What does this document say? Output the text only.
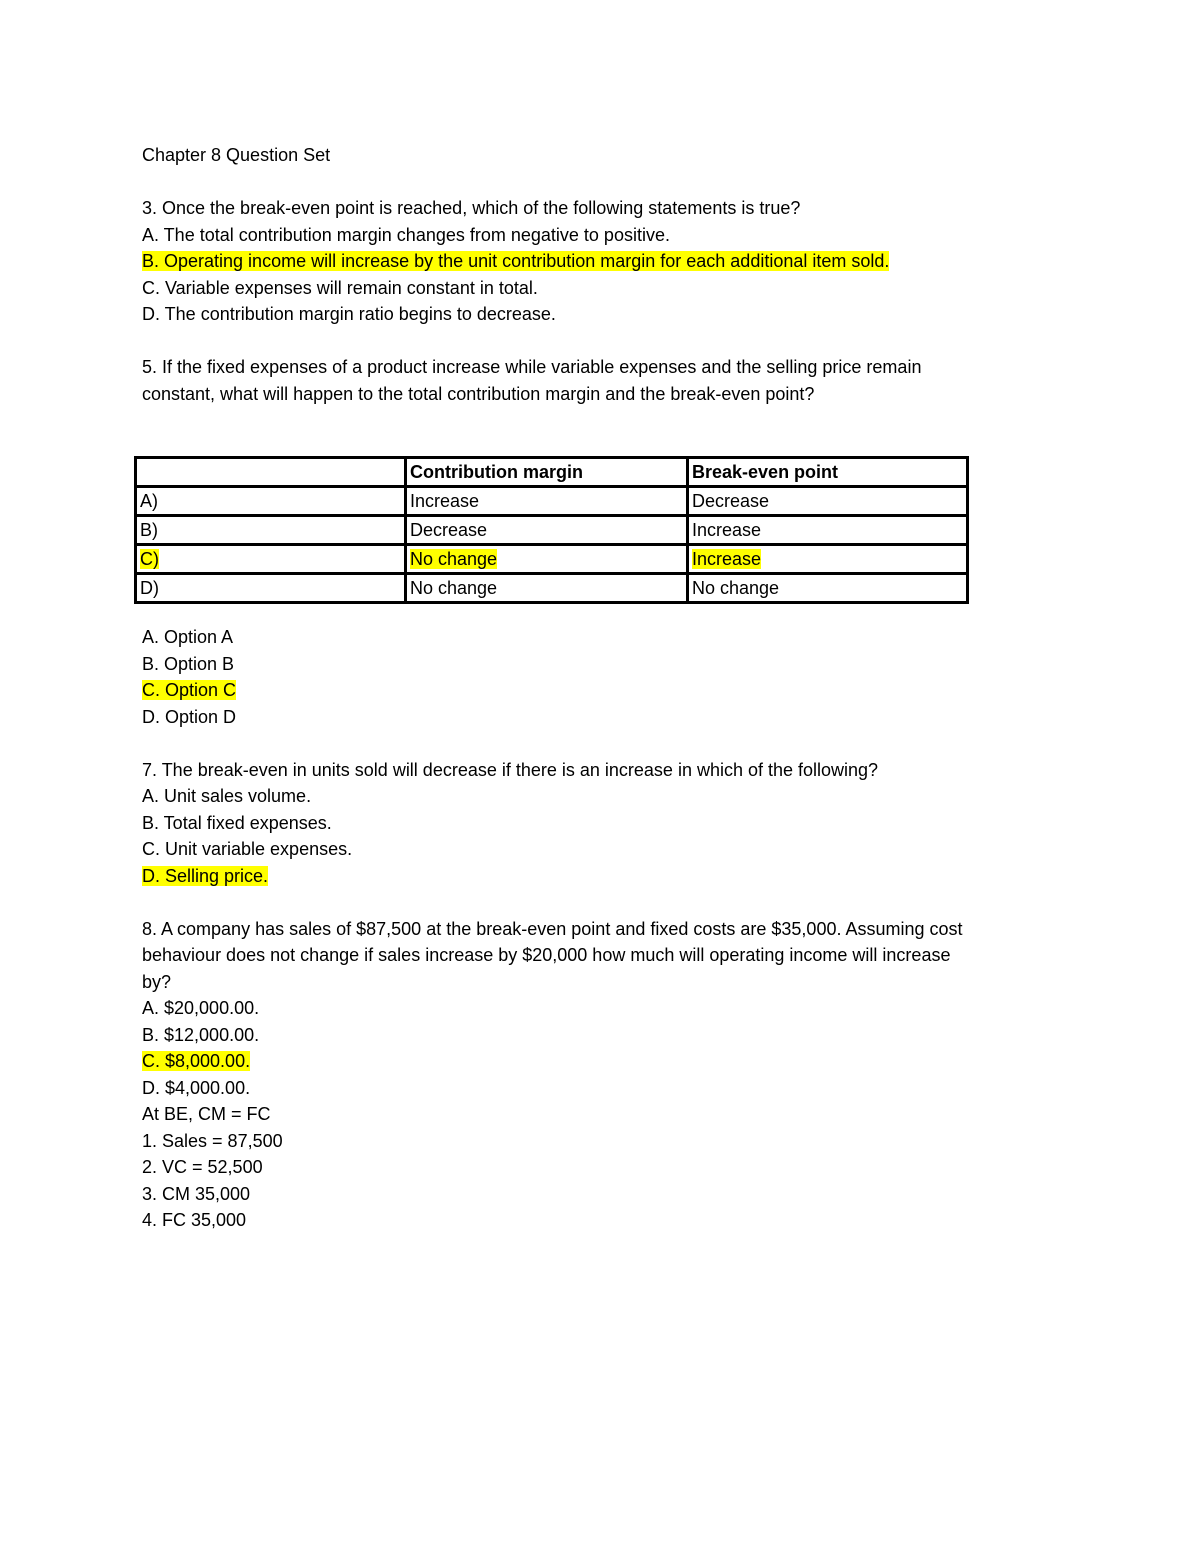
Chapter 8 Question Set
3. Once the break-even point is reached, which of the following statements is true?
A. The total contribution margin changes from negative to positive.
B. Operating income will increase by the unit contribution margin for each additional item sold.
C. Variable expenses will remain constant in total.
D. The contribution margin ratio begins to decrease.
5. If the fixed expenses of a product increase while variable expenses and the selling price remain
constant, what will happen to the total contribution margin and the break-even point?
	Contribution margin	Break-even point
A)	Increase	Decrease
B)	Decrease	Increase
C)	No change	Increase
D)	No change	No change
A. Option A
B. Option B
C. Option C
D. Option D
7. The break-even in units sold will decrease if there is an increase in which of the following?
A. Unit sales volume.
B. Total fixed expenses.
C. Unit variable expenses.
D. Selling price.
8. A company has sales of $87,500 at the break-even point and fixed costs are $35,000. Assuming cost
behaviour does not change if sales increase by $20,000 how much will operating income will increase
by?
A. $20,000.00.
B. $12,000.00.
C. $8,000.00.
D. $4,000.00.
At BE, CM = FC
1. Sales = 87,500
2. VC = 52,500
3. CM 35,000
4. FC 35,000
